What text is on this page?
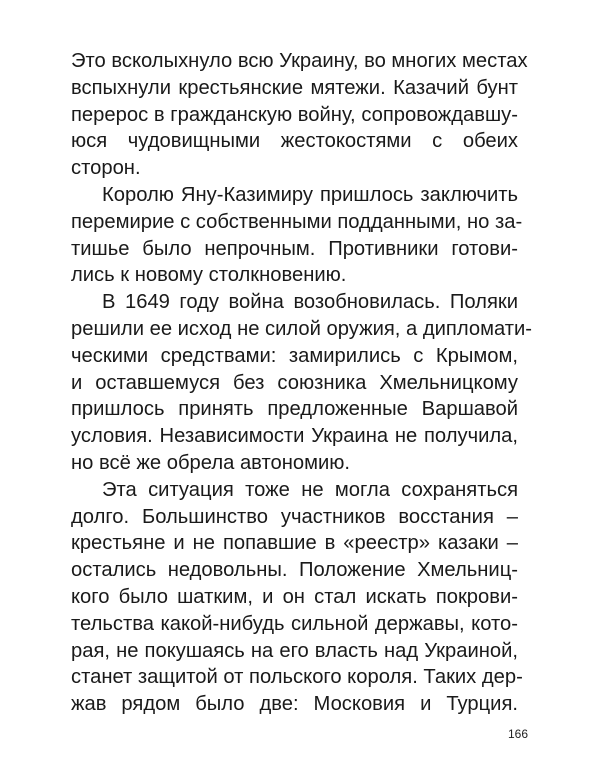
Это всколыхнуло всю Украину, во многих местах
вспыхнули крестьянские мятежи. Казачий бунт
перерос в гражданскую войну, сопровождавшу-
юся чудовищными жестокостями с обеих
сторон.
Королю Яну-Казимиру пришлось заключить
перемирие с собственными подданными, но за-
тишье было непрочным. Противники готови-
лись к новому столкновению.
В 1649 году война возобновилась. Поляки
решили ее исход не силой оружия, а дипломати-
ческими средствами: замирились с Крымом,
и оставшемуся без союзника Хмельницкому
пришлось принять предложенные Варшавой
условия. Независимости Украина не получила,
но всё же обрела автономию.
Эта ситуация тоже не могла сохраняться
долго. Большинство участников восстания –
крестьяне и не попавшие в «реестр» казаки –
остались недовольны. Положение Хмельниц-
кого было шатким, и он стал искать покрови-
тельства какой-нибудь сильной державы, кото-
рая, не покушаясь на его власть над Украиной,
станет защитой от польского короля. Таких дер-
жав рядом было две: Московия и Турция.
166
